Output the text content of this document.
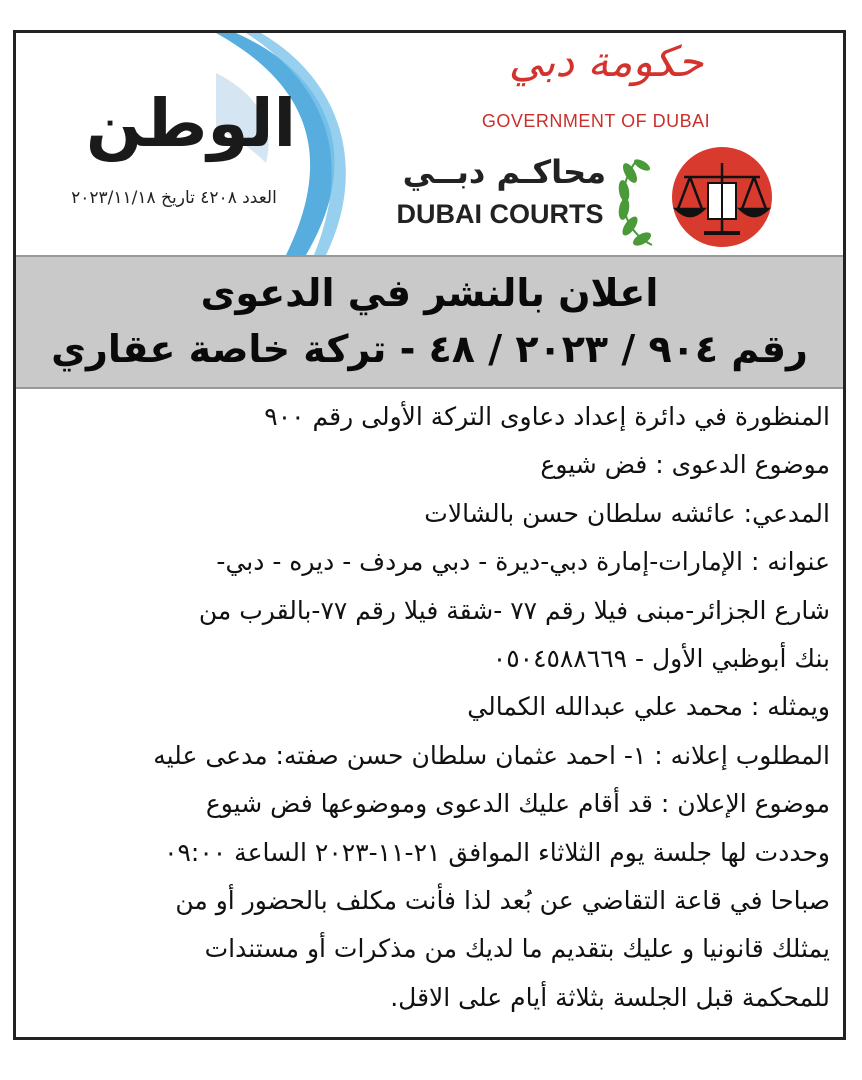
الوطن
العدد ٤٢٠٨ تاريخ ٢٠٢٣/١١/١٨
حكومة دبي
GOVERNMENT OF DUBAI
محاكـم دبــي
DUBAI COURTS
اعلان بالنشر في الدعوى
رقم ٩٠٤ / ٢٠٢٣ / ٤٨ - تركة خاصة عقاري
المنظورة في دائرة إعداد دعاوى التركة الأولى رقم ٩٠٠
موضوع الدعوى : فض شيوع
المدعي: عائشه سلطان حسن بالشالات
عنوانه : الإمارات-إمارة دبي-ديرة - دبي مردف - ديره - دبي-
شارع الجزائر-مبنى فيلا رقم ٧٧ -شقة فيلا رقم ٧٧-بالقرب من
بنك أبوظبي الأول - ٠٥٠٤٥٨٨٦٦٩
ويمثله : محمد علي عبدالله الكمالي
المطلوب إعلانه : ١- احمد عثمان سلطان حسن صفته: مدعى عليه
موضوع الإعلان : قد أقام عليك الدعوى وموضوعها فض شيوع
وحددت لها جلسة يوم الثلاثاء الموافق ٢١-١١-٢٠٢٣ الساعة ٠٩:٠٠
صباحا في قاعة التقاضي عن بُعد لذا فأنت مكلف بالحضور أو من
يمثلك قانونيا و عليك بتقديم ما لديك من مذكرات أو مستندات
للمحكمة قبل الجلسة بثلاثة أيام على الاقل.
